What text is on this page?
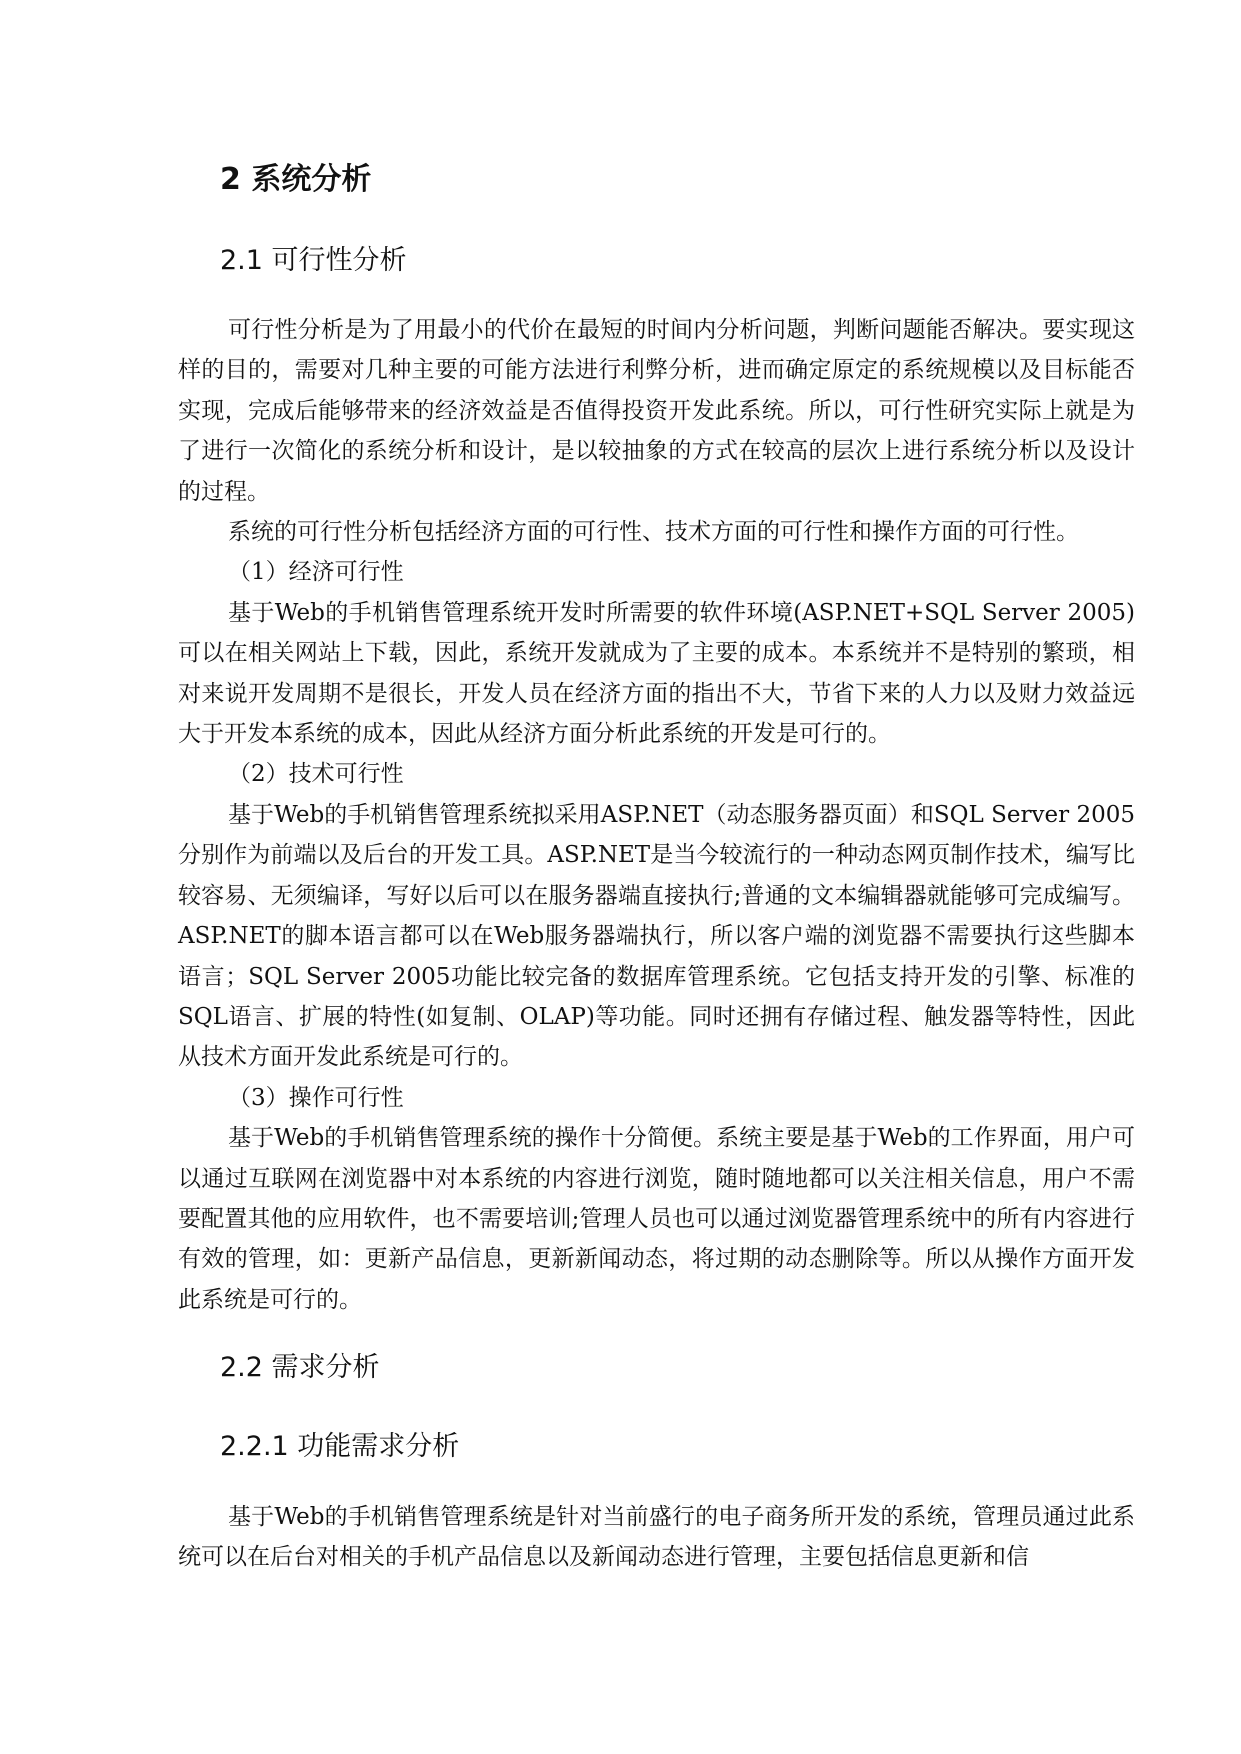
2 系统分析
2.1 可行性分析

可行性分析是为了用最小的代价在最短的时间内分析问题，判断问题能否解决。要实现这样的目的，需要对几种主要的可能方法进行利弊分析，进而确定原定的系统规模以及目标能否实现，完成后能够带来的经济效益是否值得投资开发此系统。所以，可行性研究实际上就是为了进行一次简化的系统分析和设计，是以较抽象的方式在较高的层次上进行系统分析以及设计的过程。

系统的可行性分析包括经济方面的可行性、技术方面的可行性和操作方面的可行性。

（1）经济可行性

基于Web的手机销售管理系统开发时所需要的软件环境(ASP.NET+SQL Server 2005)可以在相关网站上下载，因此，系统开发就成为了主要的成本。本系统并不是特别的繁琐，相对来说开发周期不是很长，开发人员在经济方面的指出不大，节省下来的人力以及财力效益远大于开发本系统的成本，因此从经济方面分析此系统的开发是可行的。

（2）技术可行性

基于Web的手机销售管理系统拟采用ASP.NET（动态服务器页面）和SQL Server 2005分别作为前端以及后台的开发工具。ASP.NET是当今较流行的一种动态网页制作技术，编写比较容易、无须编译，写好以后可以在服务器端直接执行;普通的文本编辑器就能够可完成编写。ASP.NET的脚本语言都可以在Web服务器端执行，所以客户端的浏览器不需要执行这些脚本语言；SQL Server 2005功能比较完备的数据库管理系统。它包括支持开发的引擎、标准的SQL语言、扩展的特性(如复制、OLAP)等功能。同时还拥有存储过程、触发器等特性，因此从技术方面开发此系统是可行的。

（3）操作可行性

基于Web的手机销售管理系统的操作十分简便。系统主要是基于Web的工作界面，用户可以通过互联网在浏览器中对本系统的内容进行浏览，随时随地都可以关注相关信息，用户不需要配置其他的应用软件，也不需要培训;管理人员也可以通过浏览器管理系统中的所有内容进行有效的管理，如：更新产品信息，更新新闻动态，将过期的动态删除等。所以从操作方面开发此系统是可行的。

2.2 需求分析
2.2.1 功能需求分析

基于Web的手机销售管理系统是针对当前盛行的电子商务所开发的系统，管理员通过此系统可以在后台对相关的手机产品信息以及新闻动态进行管理，主要包括信息更新和信
